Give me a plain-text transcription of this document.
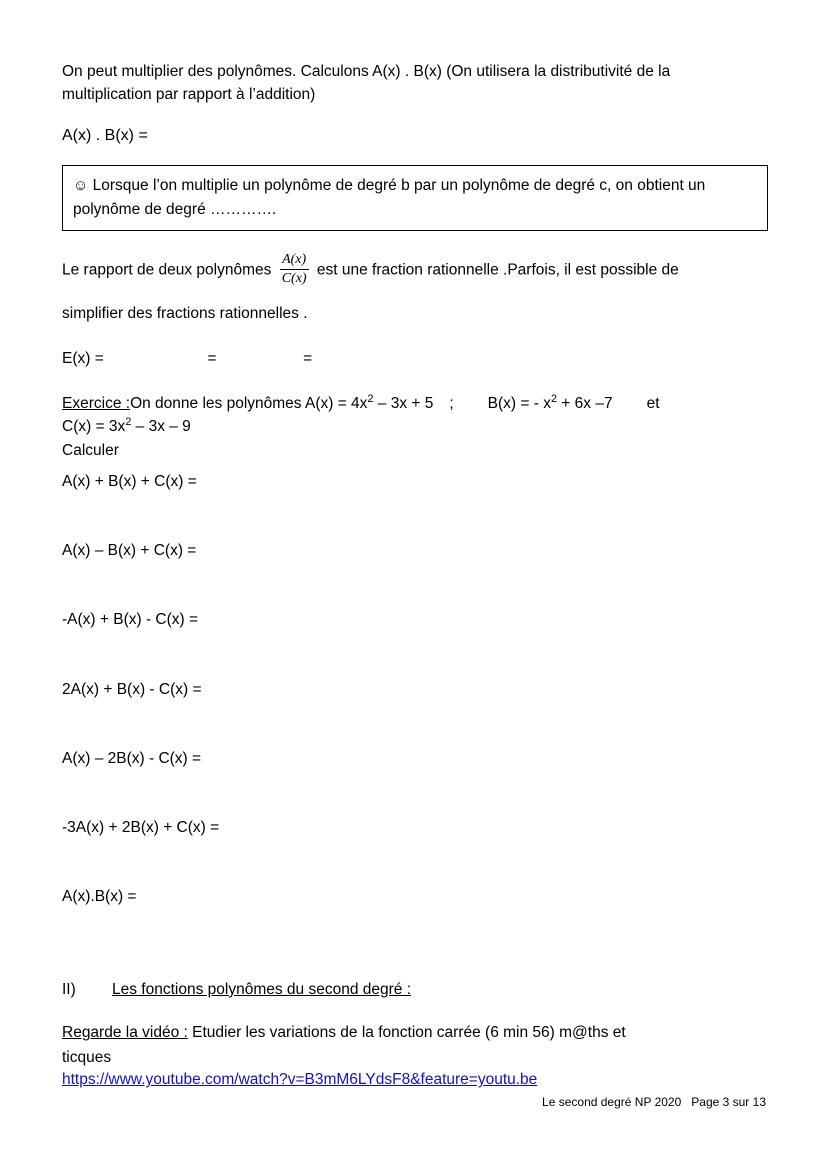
On peut multiplier des polynômes. Calculons A(x) . B(x) (On utilisera la distributivité de la
multiplication par rapport à l’addition)
A(x) . B(x) =
☺ Lorsque l’on multiplie un polynôme de degré b par un polynôme de degré c, on obtient un
polynôme de degré ………….
Le rapport de deux polynômes $\frac{A(x)}{C(x)}$ est une fraction rationnelle .Parfois, il est possible de
simplifier des fractions rationnelles .
E(x) =	=	=
Exercice :On donne les polynômes $A(x) = 4x^2 - 3x + 5$ ; B(x) = - $x^2 + 6x$ –7 et
$C(x) = 3x^2 - 3x - 9$
Calculer
A(x) + B(x) + C(x) =
A(x) – B(x) + C(x) =
-A(x) + B(x) - C(x) =
2A(x) + B(x) - C(x) =
A(x) – 2B(x) - C(x) =
-3A(x) + 2B(x) + C(x) =
A(x).B(x) =
II) Les fonctions polynômes du second degré :
Regarde la vidéo : Etudier les variations de la fonction carrée (6 min 56) m@ths et
ticques
https://www.youtube.com/watch?v=B3mM6LYdsF8&feature=youtu.be
Le second degré NP 2020   Page 3 sur 13
